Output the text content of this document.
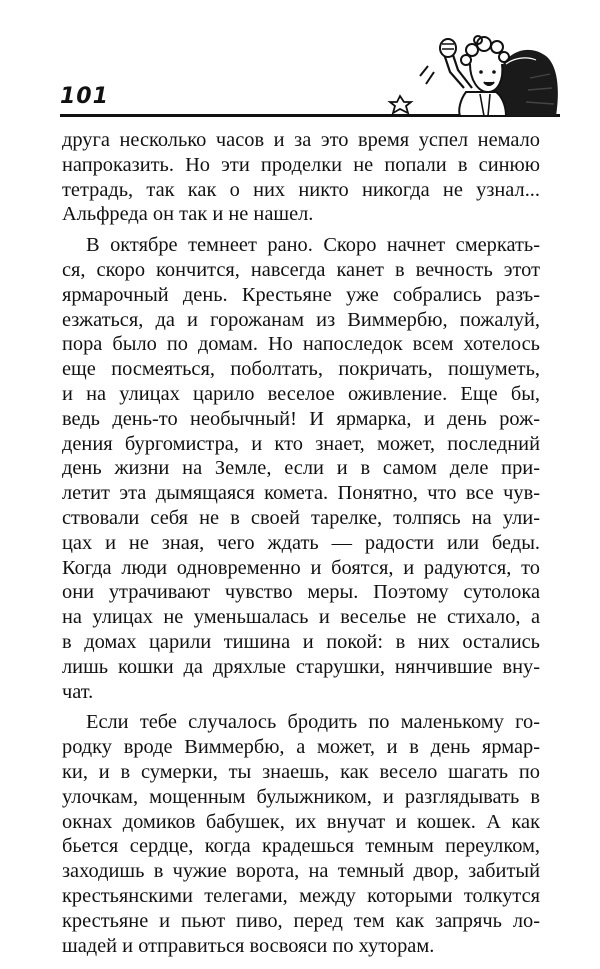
101
друга несколько часов и за это время успел немало
напроказить. Но эти проделки не попали в синюю
тетрадь, так как о них никто никогда не узнал...
Альфреда он так и не нашел.
В октябре темнеет рано. Скоро начнет смеркать-
ся, скоро кончится, навсегда канет в вечность этот
ярмарочный день. Крестьяне уже собрались разъ-
езжаться, да и горожанам из Виммербю, пожалуй,
пора было по домам. Но напоследок всем хотелось
еще посмеяться, поболтать, покричать, пошуметь,
и на улицах царило веселое оживление. Еще бы,
ведь день-то необычный! И ярмарка, и день рож-
дения бургомистра, и кто знает, может, последний
день жизни на Земле, если и в самом деле при-
летит эта дымящаяся комета. Понятно, что все чув-
ствовали себя не в своей тарелке, толпясь на ули-
цах и не зная, чего ждать — радости или беды.
Когда люди одновременно и боятся, и радуются, то
они утрачивают чувство меры. Поэтому сутолока
на улицах не уменьшалась и веселье не стихало, а
в домах царили тишина и покой: в них остались
лишь кошки да дряхлые старушки, нянчившие вну-
чат.
Если тебе случалось бродить по маленькому го-
родку вроде Виммербю, а может, и в день ярмар-
ки, и в сумерки, ты знаешь, как весело шагать по
улочкам, мощенным булыжником, и разглядывать в
окнах домиков бабушек, их внучат и кошек. А как
бьется сердце, когда крадешься темным переулком,
заходишь в чужие ворота, на темный двор, забитый
крестьянскими телегами, между которыми толкутся
крестьяне и пьют пиво, перед тем как запрячь ло-
шадей и отправиться восвояси по хуторам.
